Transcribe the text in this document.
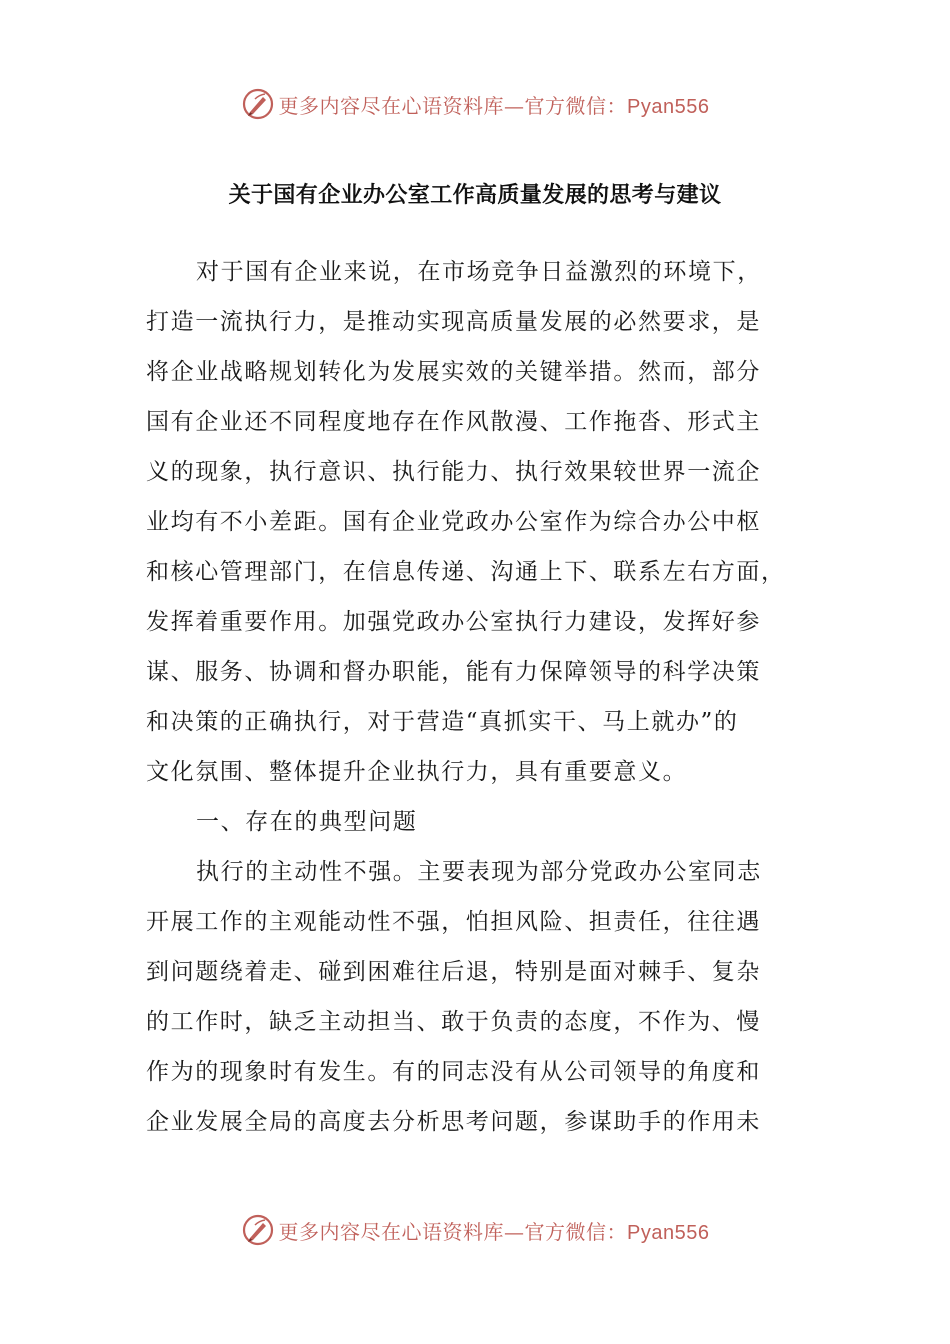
更多内容尽在心语资料库—官方微信：Pyan556
关于国有企业办公室工作高质量发展的思考与建议
对于国有企业来说，在市场竞争日益激烈的环境下，
打造一流执行力，是推动实现高质量发展的必然要求，是
将企业战略规划转化为发展实效的关键举措。然而，部分
国有企业还不同程度地存在作风散漫、工作拖沓、形式主
义的现象，执行意识、执行能力、执行效果较世界一流企
业均有不小差距。国有企业党政办公室作为综合办公中枢
和核心管理部门，在信息传递、沟通上下、联系左右方面，
发挥着重要作用。加强党政办公室执行力建设，发挥好参
谋、服务、协调和督办职能，能有力保障领导的科学决策
和决策的正确执行，对于营造“真抓实干、马上就办”的
文化氛围、整体提升企业执行力，具有重要意义。
一、存在的典型问题
执行的主动性不强。主要表现为部分党政办公室同志
开展工作的主观能动性不强，怕担风险、担责任，往往遇
到问题绕着走、碰到困难往后退，特别是面对棘手、复杂
的工作时，缺乏主动担当、敢于负责的态度，不作为、慢
作为的现象时有发生。有的同志没有从公司领导的角度和
企业发展全局的高度去分析思考问题，参谋助手的作用未
更多内容尽在心语资料库—官方微信：Pyan556
